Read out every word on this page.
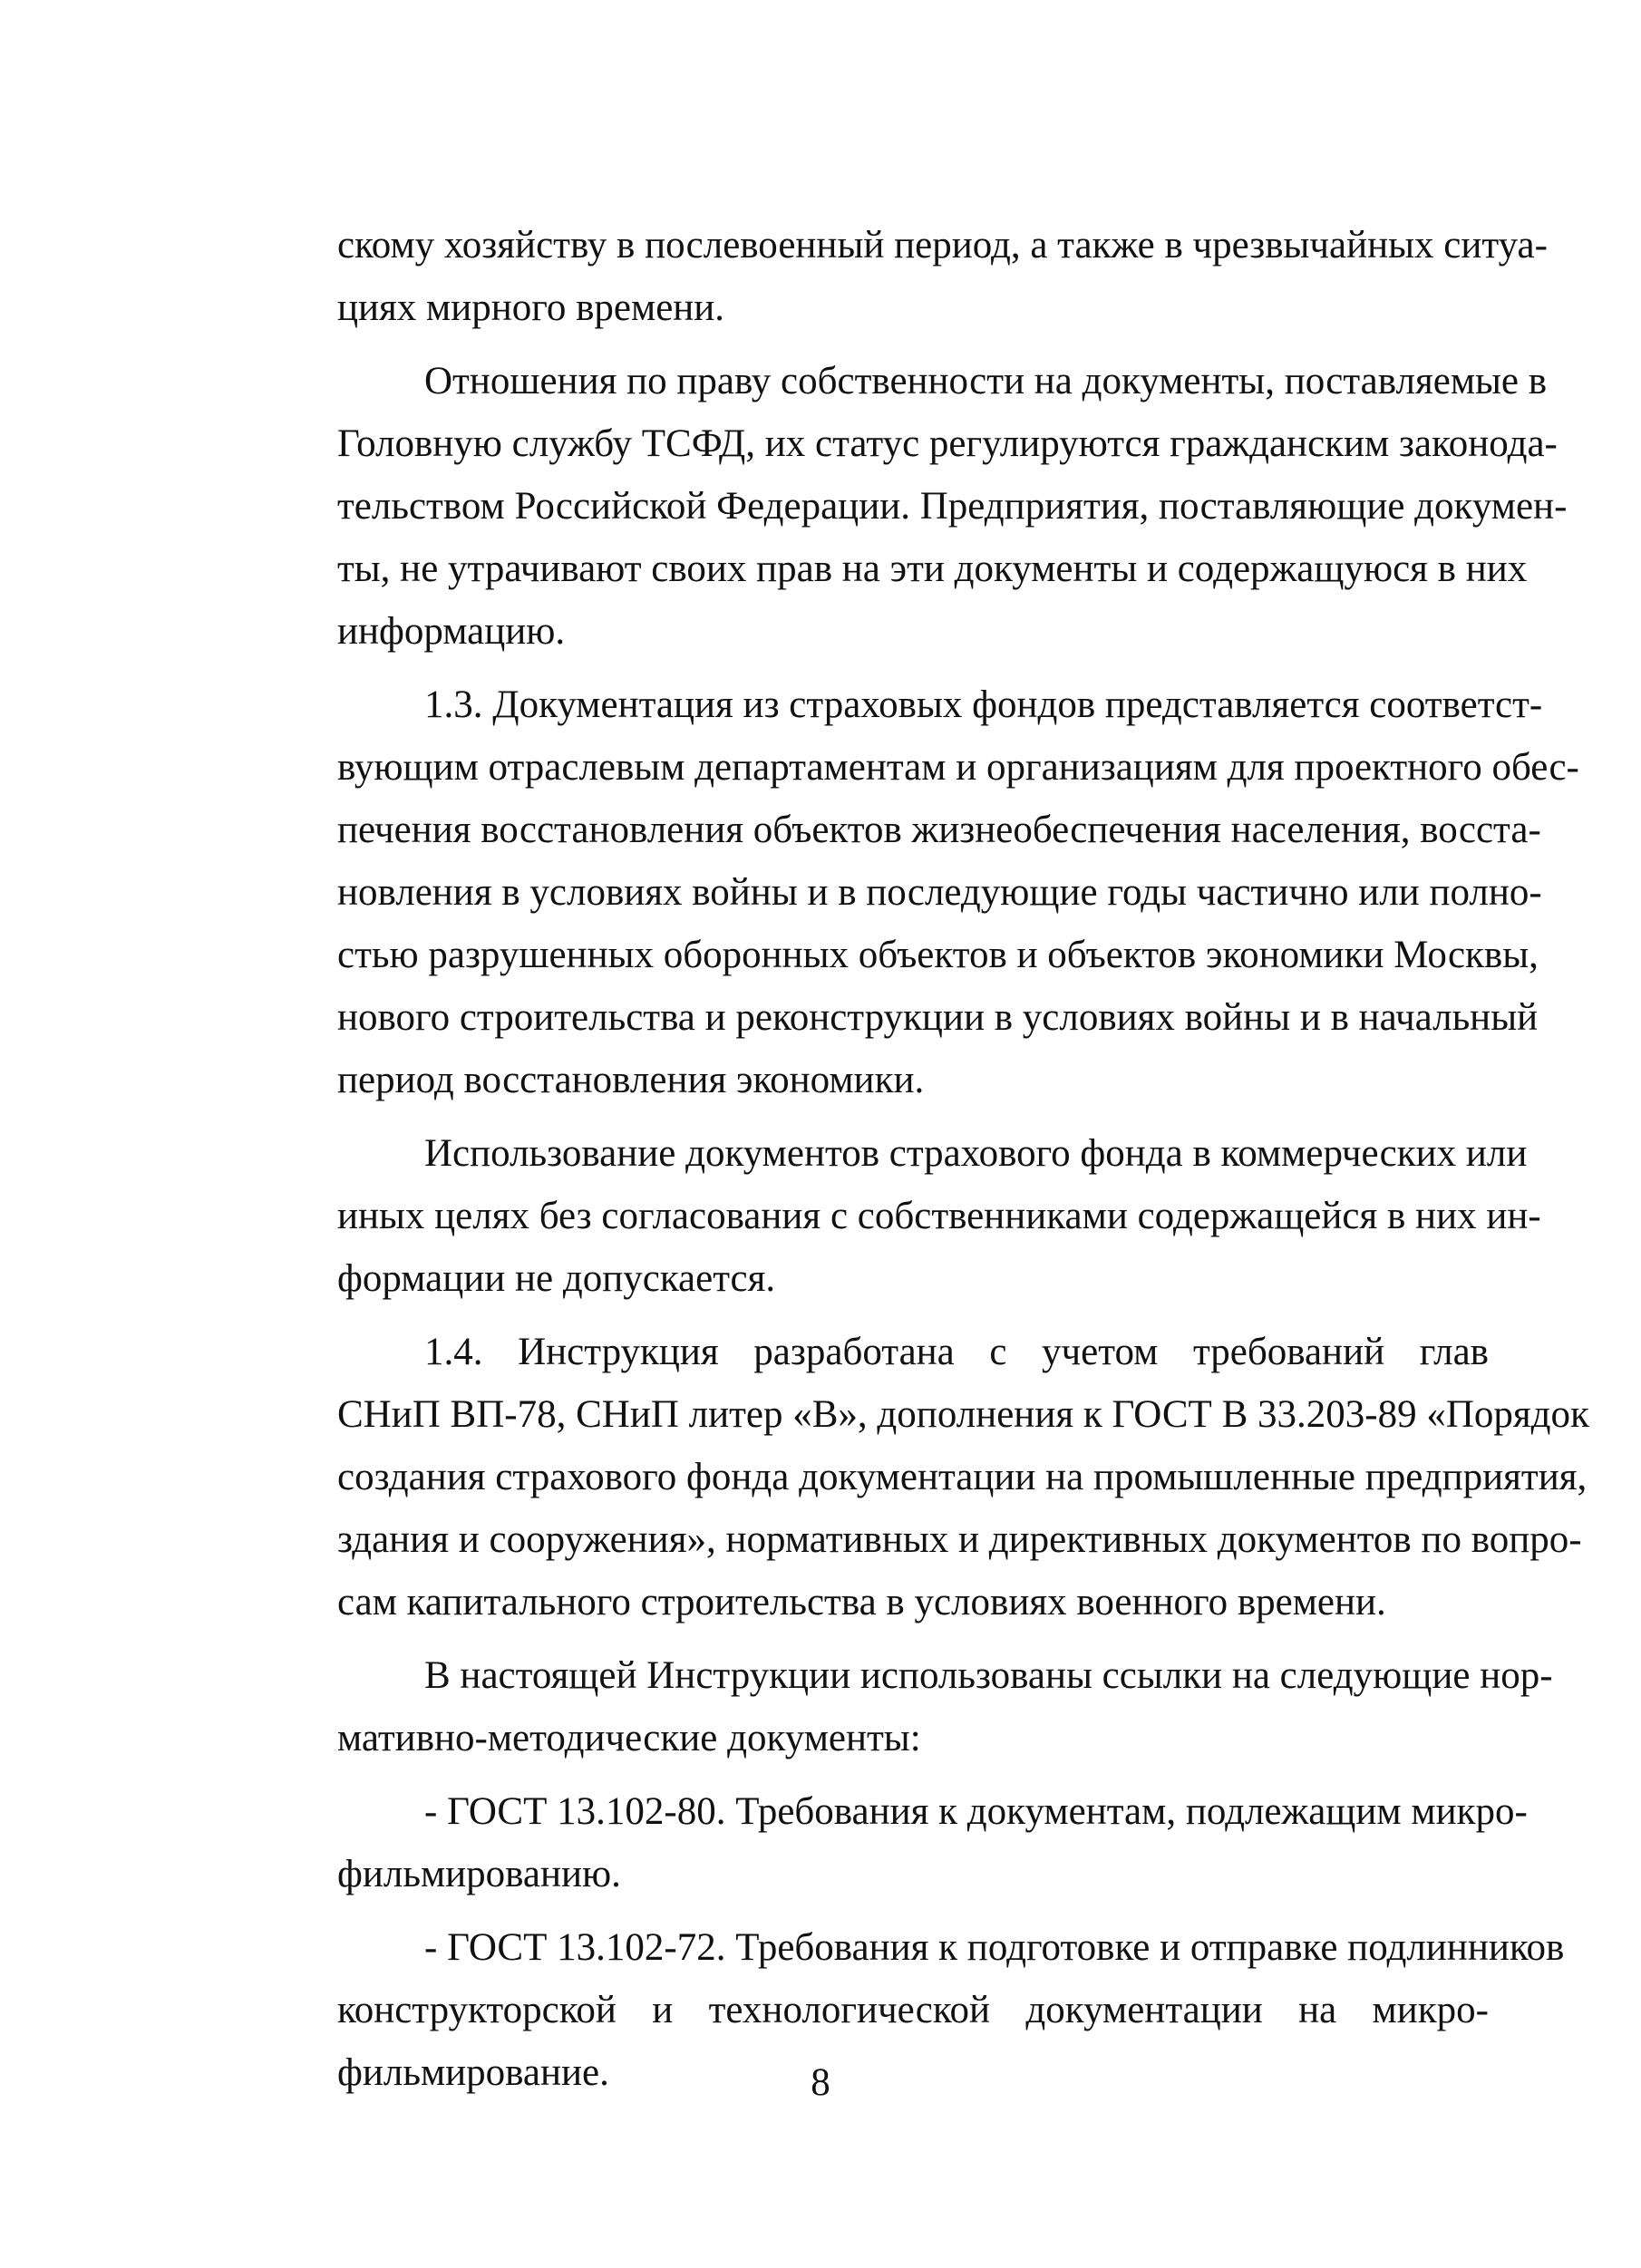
скому хозяйству в послевоенный период, а также в чрезвычайных ситуа-
циях мирного времени.

Отношения по праву собственности на документы, поставляемые в
Головную службу ТСФД, их статус регулируются гражданским законода-
тельством Российской Федерации. Предприятия, поставляющие докумен-
ты, не утрачивают своих прав на эти документы и содержащуюся в них
информацию.

1.3. Документация из страховых фондов представляется соответст-
вующим отраслевым департаментам и организациям для проектного обес-
печения восстановления объектов жизнеобеспечения населения, восста-
новления в условиях войны и в последующие годы частично или полно-
стью разрушенных оборонных объектов и объектов экономики Москвы,
нового строительства и реконструкции в условиях войны и в начальный
период восстановления экономики.

Использование документов страхового фонда в коммерческих или
иных целях без согласования с собственниками содержащейся в них ин-
формации не допускается.

1.4. Инструкция разработана с учетом требований глав
СНиП ВП-78, СНиП литер «В», дополнения к ГОСТ В 33.203-89 «Порядок
создания страхового фонда документации на промышленные предприятия,
здания и сооружения», нормативных и директивных документов по вопро-
сам капитального строительства в условиях военного времени.

В настоящей Инструкции использованы ссылки на следующие нор-
мативно-методические документы:

- ГОСТ 13.102-80. Требования к документам, подлежащим микро-
фильмированию.

- ГОСТ 13.102-72. Требования к подготовке и отправке подлинников
конструкторской и технологической документации на микро-
фильмирование.	8
